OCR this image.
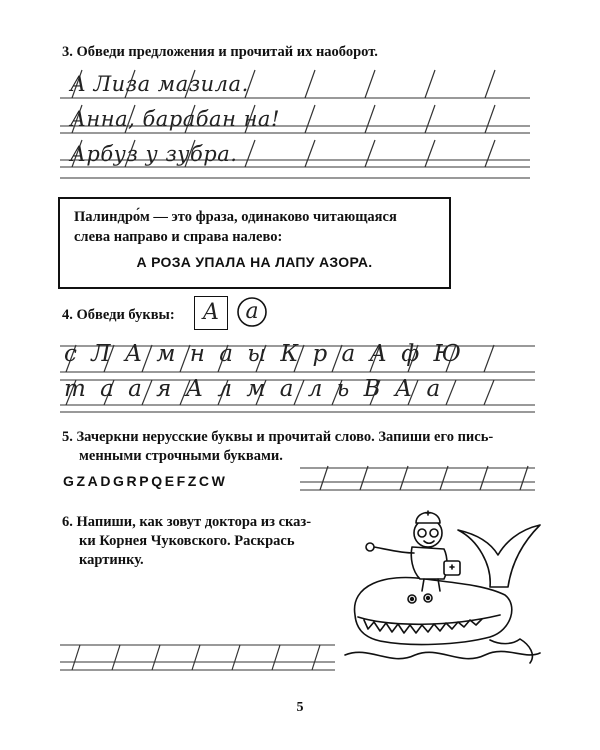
3. Обведи предложения и прочитай их наоборот.
А Лиза мазила.
Анна, барабан на!
Арбуз у зубра.
Палиндро́м — это фраза, одинаково читающаяся слева направо и справа налево:
А РОЗА УПАЛА НА ЛАПУ АЗОРА.
4. Обведи буквы:	А	а
с Л А м н а ы К р а А ф Ю
т а а я А л м а л ь В А а
5. Зачеркни нерусские буквы и прочитай слово. Запиши его пись-
менными строчными буквами.
GZADGRPQEFZCW
6. Напиши, как зовут доктора из сказ-
ки Корнея Чуковского. Раскрась
картинку.
5
